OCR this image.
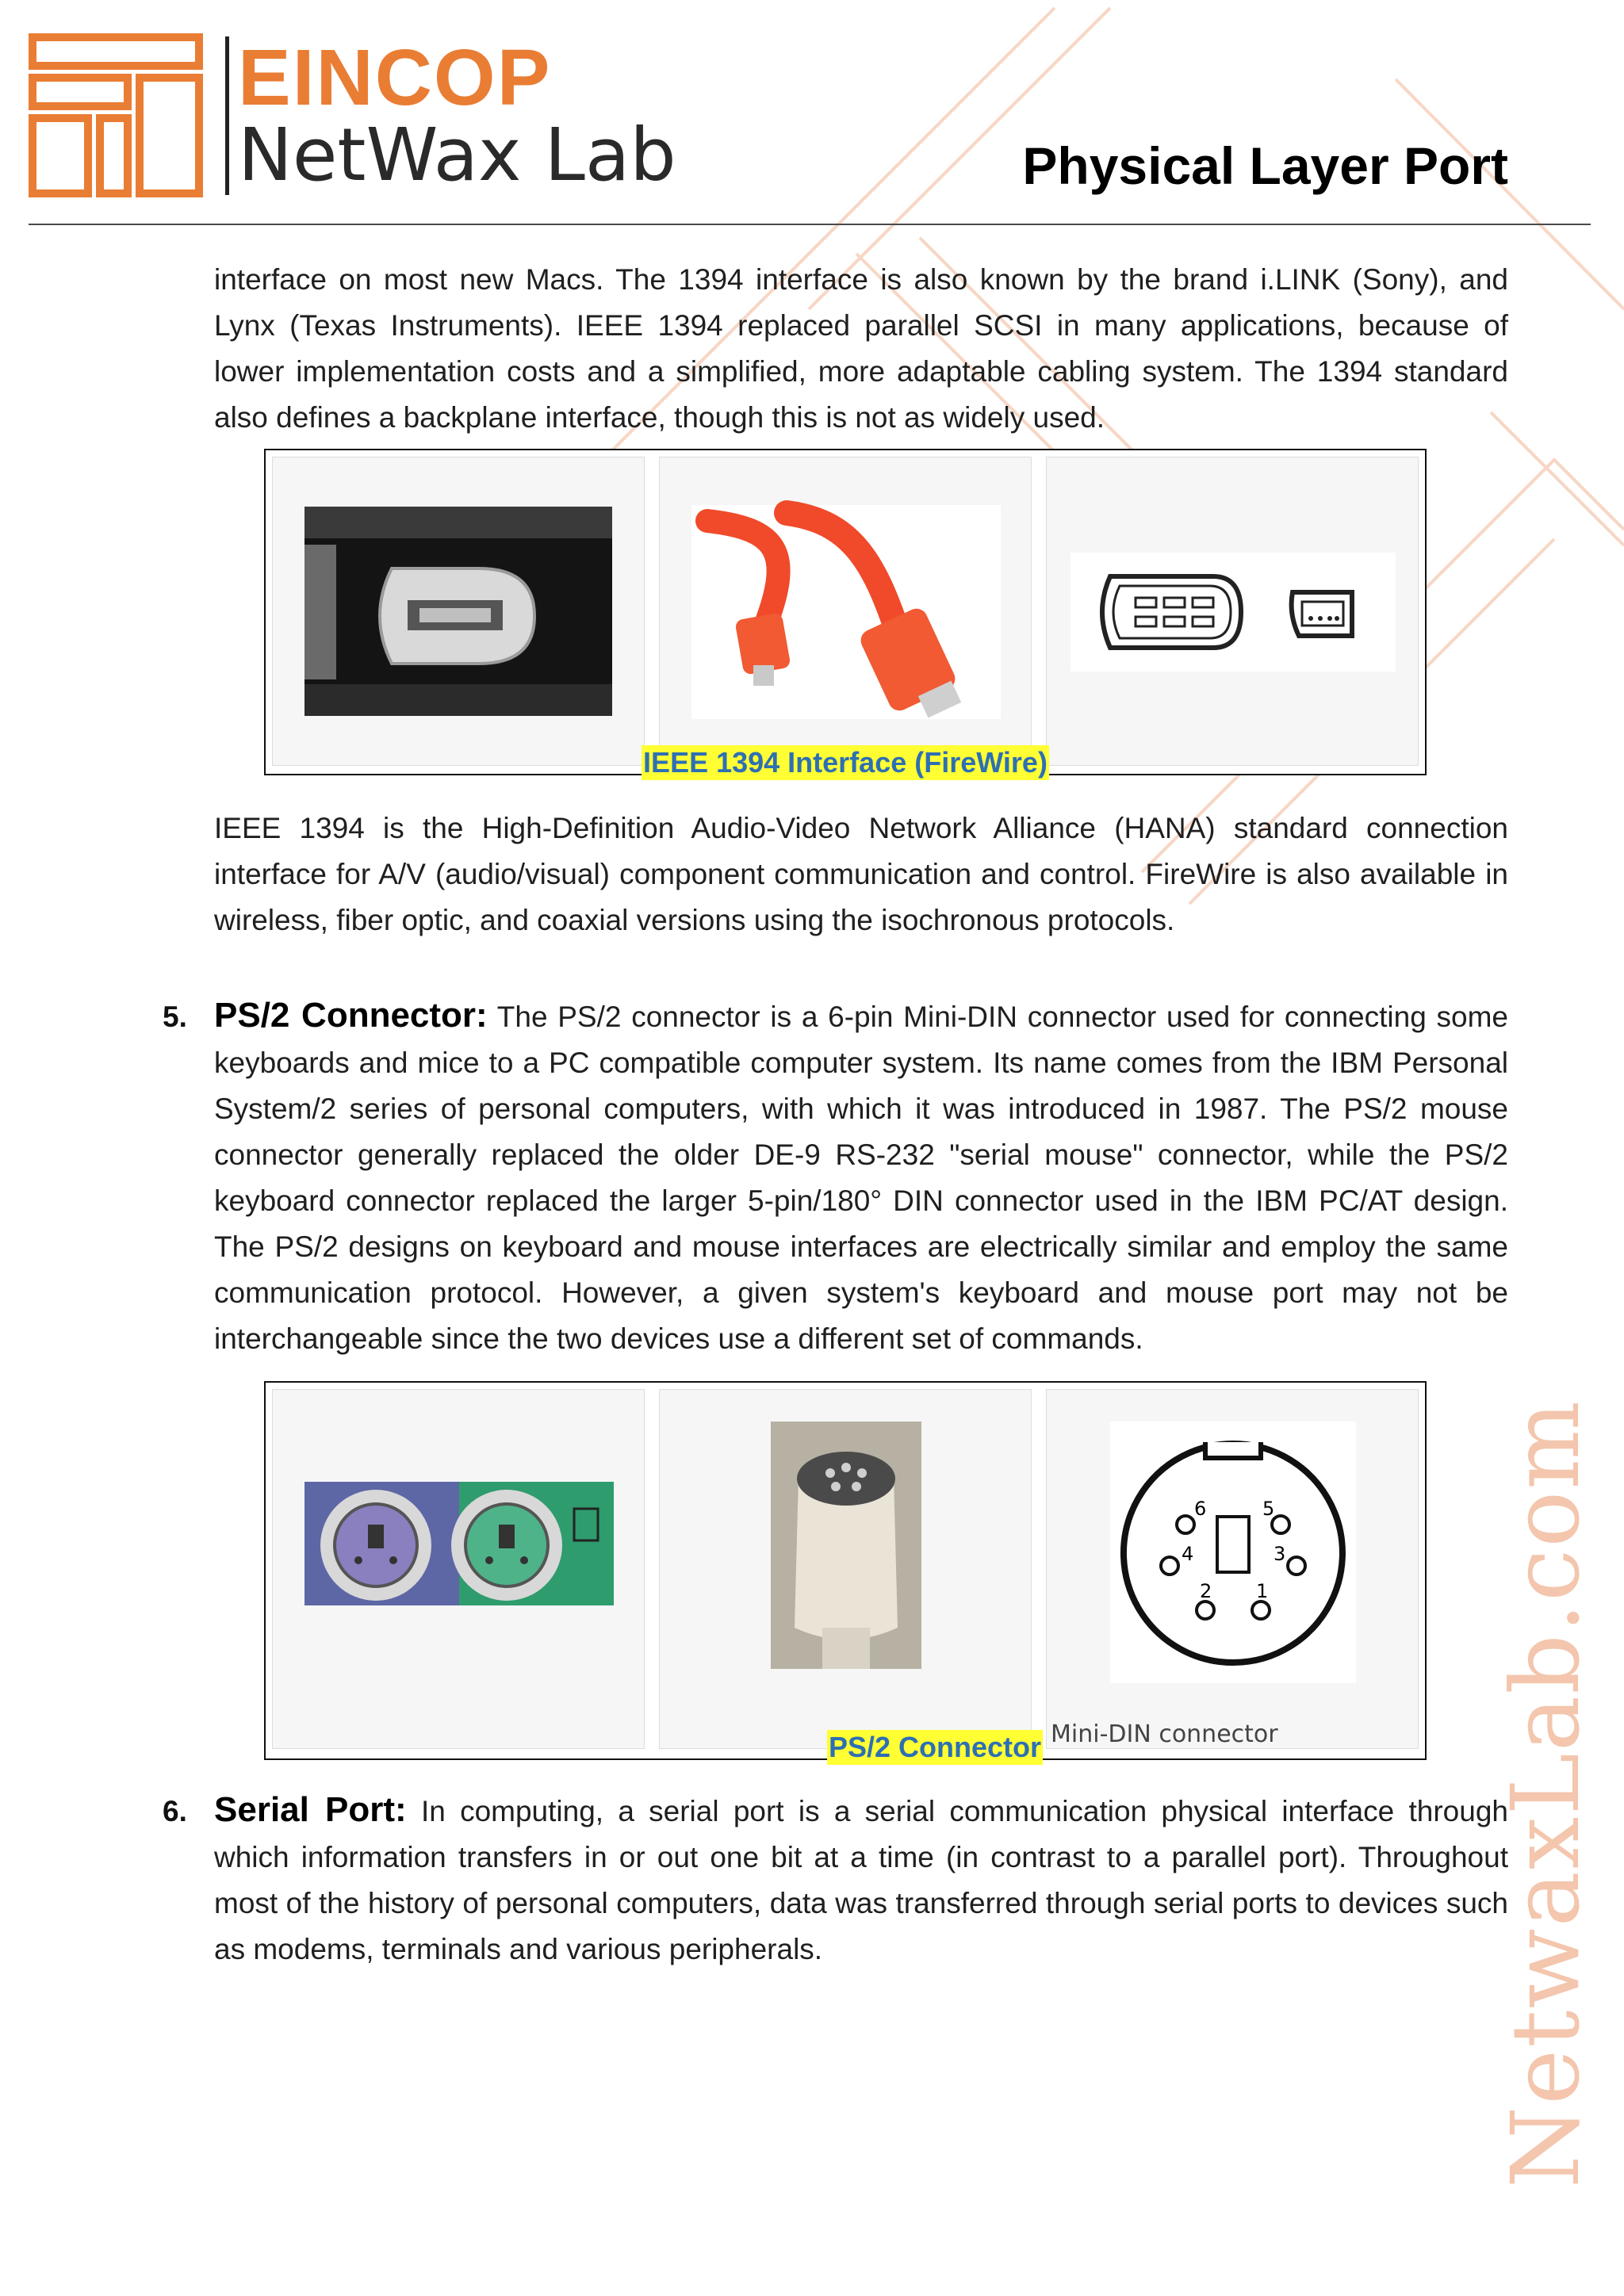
EINCOP
NetWax Lab	Physical Layer Port

interface on most new Macs. The 1394 interface is also known by the brand i.LINK (Sony), and Lynx (Texas Instruments). IEEE 1394 replaced parallel SCSI in many applications, because of lower implementation costs and a simplified, more adaptable cabling system. The 1394 standard also defines a backplane interface, though this is not as widely used.

IEEE 1394 Interface (FireWire)

IEEE 1394 is the High-Definition Audio-Video Network Alliance (HANA) standard connection interface for A/V (audio/visual) component communication and control. FireWire is also available in wireless, fiber optic, and coaxial versions using the isochronous protocols.

5. PS/2 Connector: The PS/2 connector is a 6-pin Mini-DIN connector used for connecting some keyboards and mice to a PC compatible computer system. Its name comes from the IBM Personal System/2 series of personal computers, with which it was introduced in 1987. The PS/2 mouse connector generally replaced the older DE-9 RS-232 "serial mouse" connector, while the PS/2 keyboard connector replaced the larger 5-pin/180° DIN connector used in the IBM PC/AT design. The PS/2 designs on keyboard and mouse interfaces are electrically similar and employ the same communication protocol. However, a given system's keyboard and mouse port may not be interchangeable since the two devices use a different set of commands.

6	5
4	3
2 1
Mini-DIN connector
PS/2 Connector
6. Serial Port: In computing, a serial port is a serial communication physical interface through which information transfers in or out one bit at a time (in contrast to a parallel port). Throughout most of the history of personal computers, data was transferred through serial ports to devices such as modems, terminals and various peripherals.	NetwaxLab.com
